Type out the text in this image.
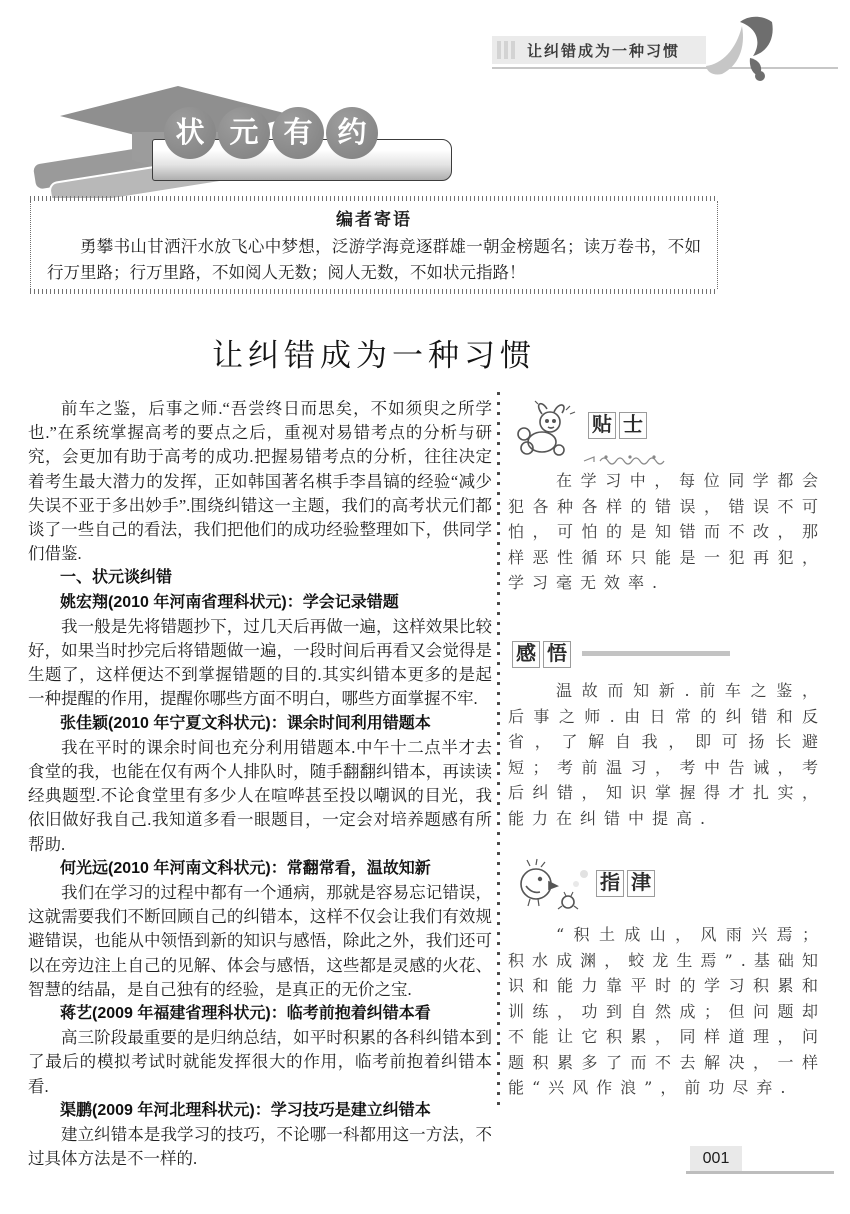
让纠错成为一种习惯
状 元 有 约
编者寄语
勇攀书山甘洒汗水放飞心中梦想，泛游学海竞逐群雄一朝金榜题名；读万卷书，不如行万里路；行万里路，不如阅人无数；阅人无数，不如状元指路！
让纠错成为一种习惯

前车之鉴，后事之师.“吾尝终日而思矣，不如须臾之所学也.”在系统掌握高考的要点之后，重视对易错考点的分析与研究，会更加有助于高考的成功.把握易错考点的分析，往往决定着考生最大潜力的发挥，正如韩国著名棋手李昌镐的经验“减少失误不亚于多出妙手”.围绕纠错这一主题，我们的高考状元们都谈了一些自己的看法，我们把他们的成功经验整理如下，供同学们借鉴.

一、状元谈纠错

姚宏翔(2010 年河南省理科状元)：学会记录错题

我一般是先将错题抄下，过几天后再做一遍，这样效果比较好，如果当时抄完后将错题做一遍，一段时间后再看又会觉得是生题了，这样便达不到掌握错题的目的.其实纠错本更多的是起一种提醒的作用，提醒你哪些方面不明白，哪些方面掌握不牢.

张佳颖(2010 年宁夏文科状元)：课余时间利用错题本

我在平时的课余时间也充分利用错题本.中午十二点半才去食堂的我，也能在仅有两个人排队时，随手翻翻纠错本，再读读经典题型.不论食堂里有多少人在喧哗甚至投以嘲讽的目光，我依旧做好我自己.我知道多看一眼题目，一定会对培养题感有所帮助.

何光远(2010 年河南文科状元)：常翻常看，温故知新

我们在学习的过程中都有一个通病，那就是容易忘记错误，这就需要我们不断回顾自己的纠错本，这样不仅会让我们有效规避错误，也能从中领悟到新的知识与感悟，除此之外，我们还可以在旁边注上自己的见解、体会与感悟，这些都是灵感的火花、智慧的结晶，是自己独有的经验，是真正的无价之宝.

蒋艺(2009 年福建省理科状元)：临考前抱着纠错本看

高三阶段最重要的是归纳总结，如平时积累的各科纠错本到了最后的模拟考试时就能发挥很大的作用，临考前抱着纠错本看.

渠鹏(2009 年河北理科状元)：学习技巧是建立纠错本

建立纠错本是我学习的技巧，不论哪一科都用这一方法，不过具体方法是不一样的.

贴 士
在学习中，每位同学都会犯各种各样的错误，错误不可怕，可怕的是知错而不改，那样恶性循环只能是一犯再犯，学习毫无效率.
感 悟
温故而知新.前车之鉴，后事之师.由日常的纠错和反省，了解自我，即可扬长避短；考前温习，考中告诫，考后纠错，知识掌握得才扎实，能力在纠错中提高.
指 津
“积土成山，风雨兴焉；积水成渊，蛟龙生焉”.基础知识和能力靠平时的学习积累和训练，功到自然成；但问题却不能让它积累，同样道理，问题积累多了而不去解决，一样能“兴风作浪”，前功尽弃.
001
